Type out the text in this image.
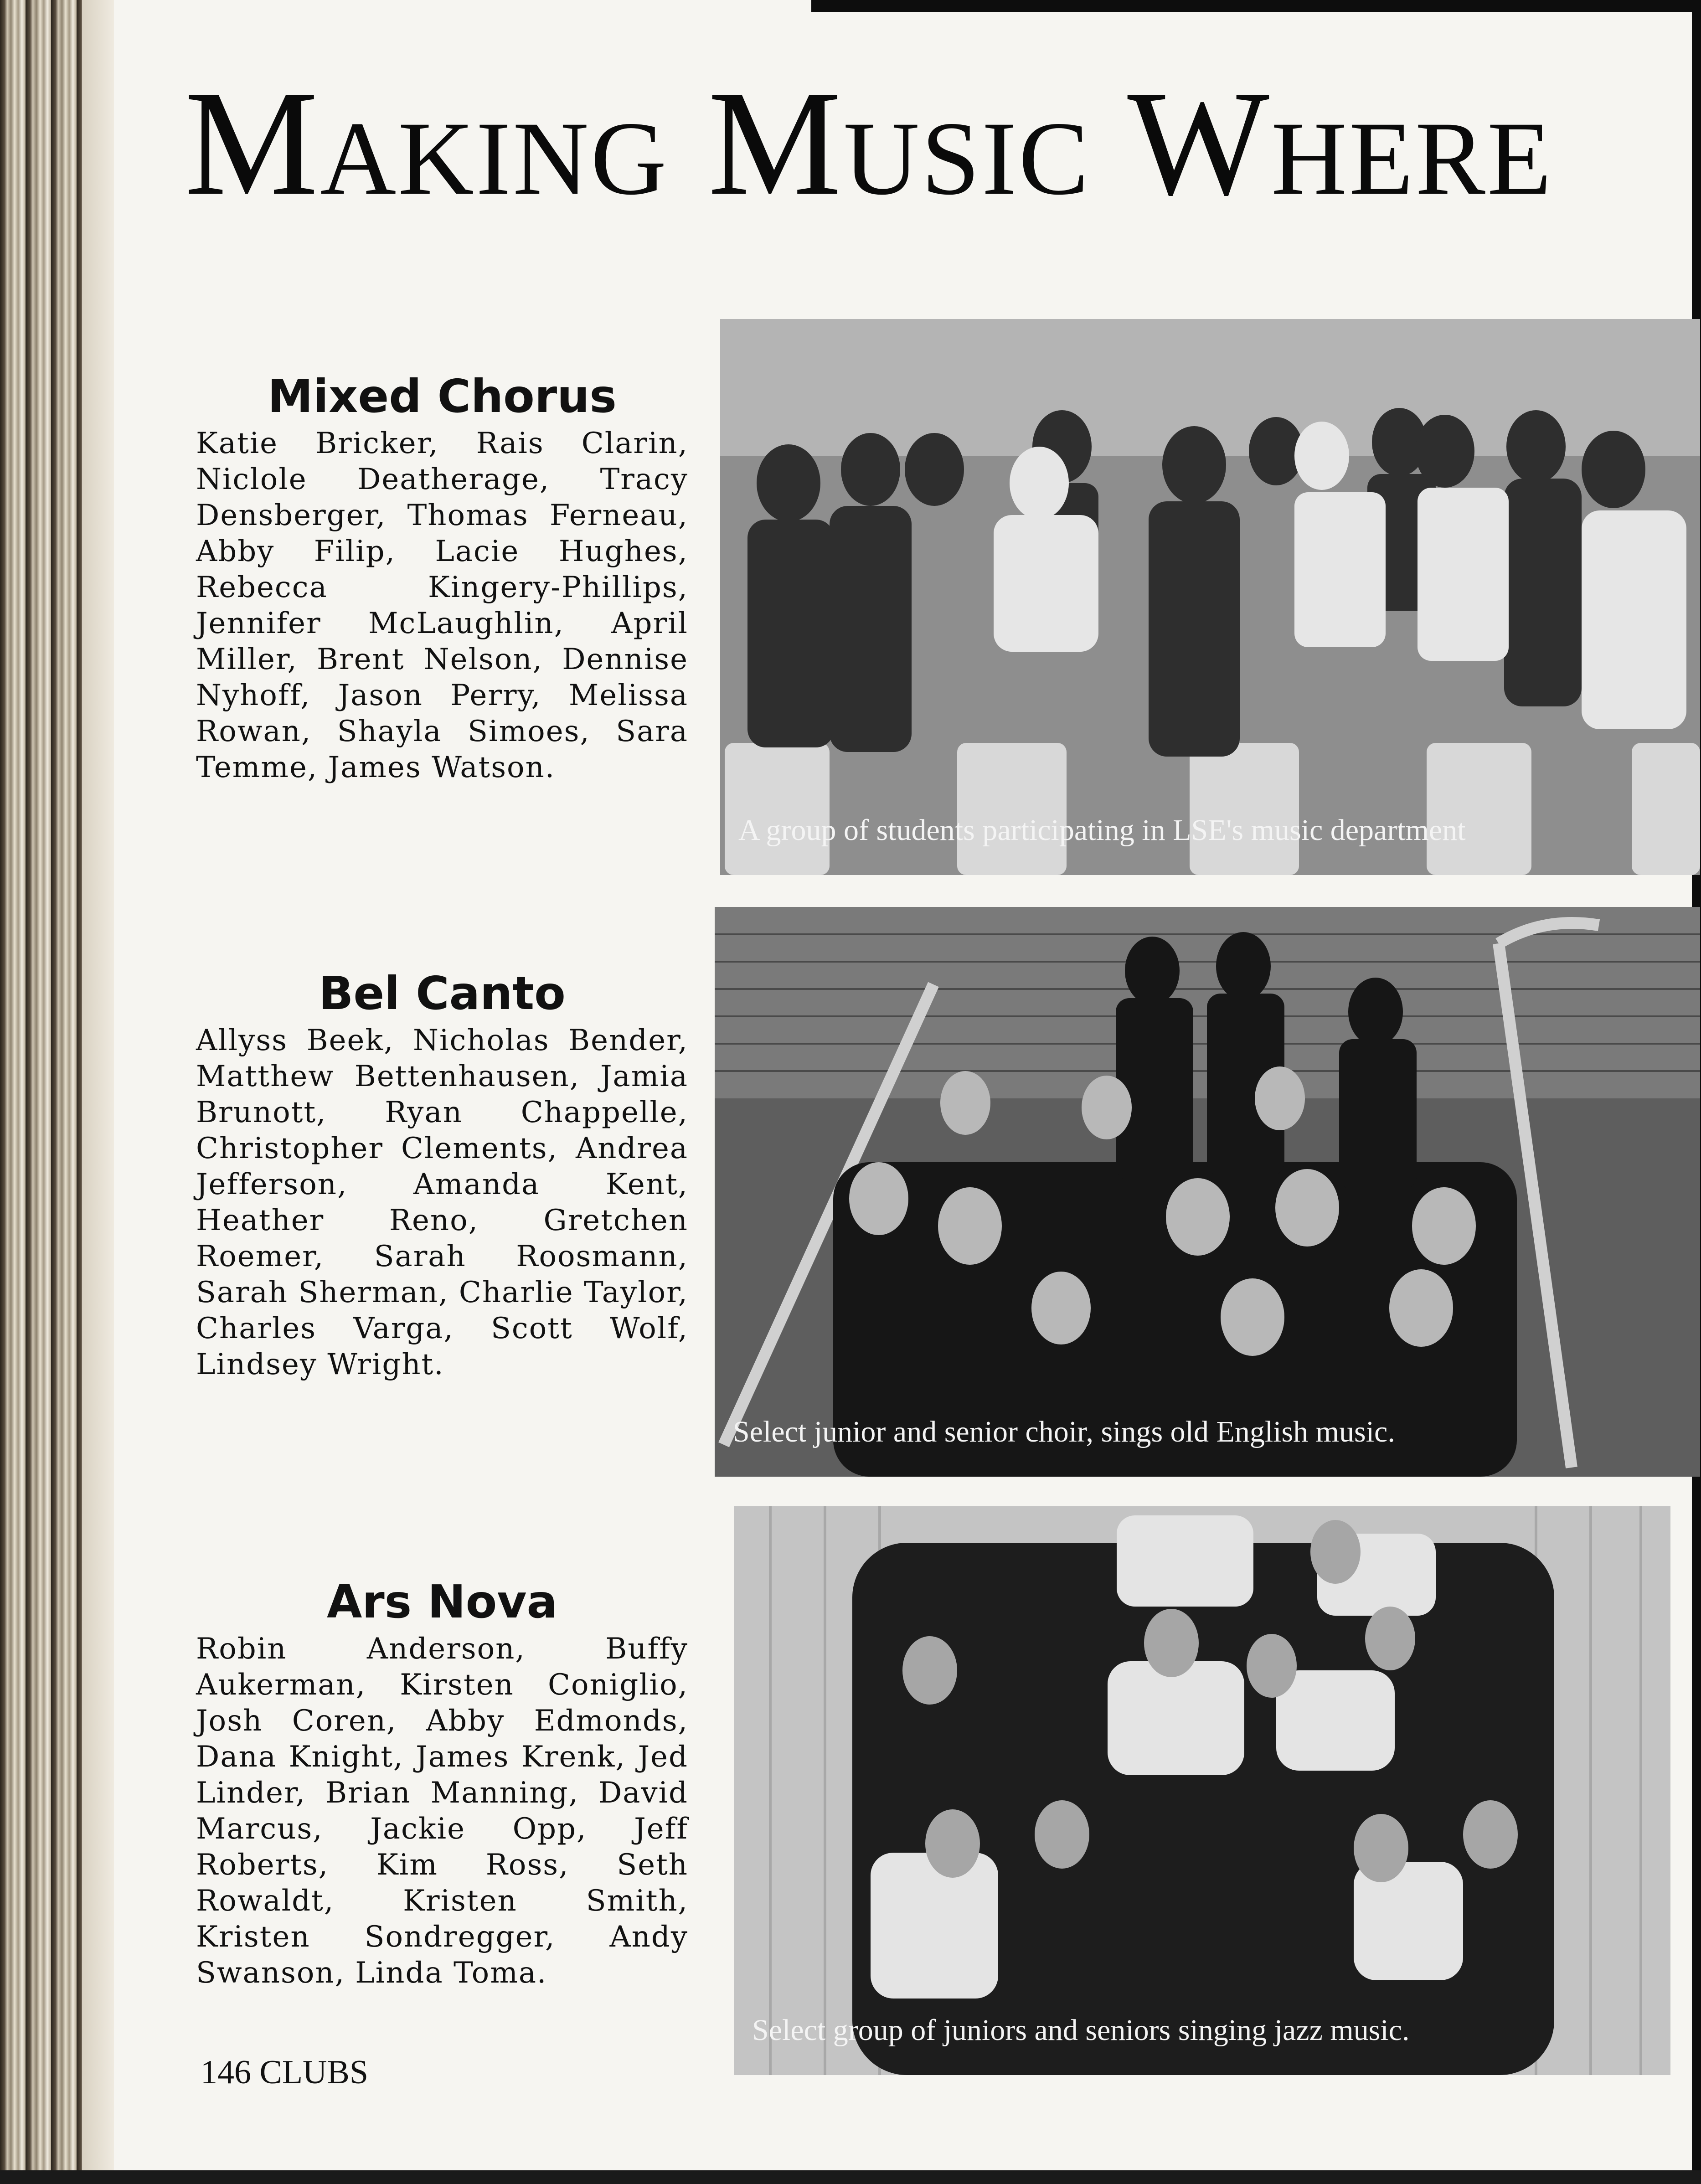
Making Music Where
Mixed Chorus

Katie Bricker, Rais Clarin, Niclole Deatherage, Tracy Densberger, Thomas Ferneau, Abby Filip, Lacie Hughes, Rebecca Kingery-Phillips, Jennifer McLaughlin, April Miller, Brent Nelson, Dennise Nyhoff, Jason Perry, Melissa Rowan, Shayla Simoes, Sara Temme, James Watson.

Bel Canto

Allyss Beek, Nicholas Bender, Matthew Bettenhausen, Jamia Brunott, Ryan Chappelle, Christopher Clements, Andrea Jefferson, Amanda Kent, Heather Reno, Gretchen Roemer, Sarah Roosmann, Sarah Sherman, Charlie Taylor, Charles Varga, Scott Wolf, Lindsey Wright.

Ars Nova

Robin Anderson, Buffy Aukerman, Kirsten Coniglio, Josh Coren, Abby Edmonds, Dana Knight, James Krenk, Jed Linder, Brian Manning, David Marcus, Jackie Opp, Jeff Roberts, Kim Ross, Seth Rowaldt, Kristen Smith, Kristen Sondregger, Andy Swanson, Linda Toma.

A group of students participating in LSE's music department
Select junior and senior choir, sings old English music.
Select group of juniors and seniors singing jazz music.
146 CLUBS
